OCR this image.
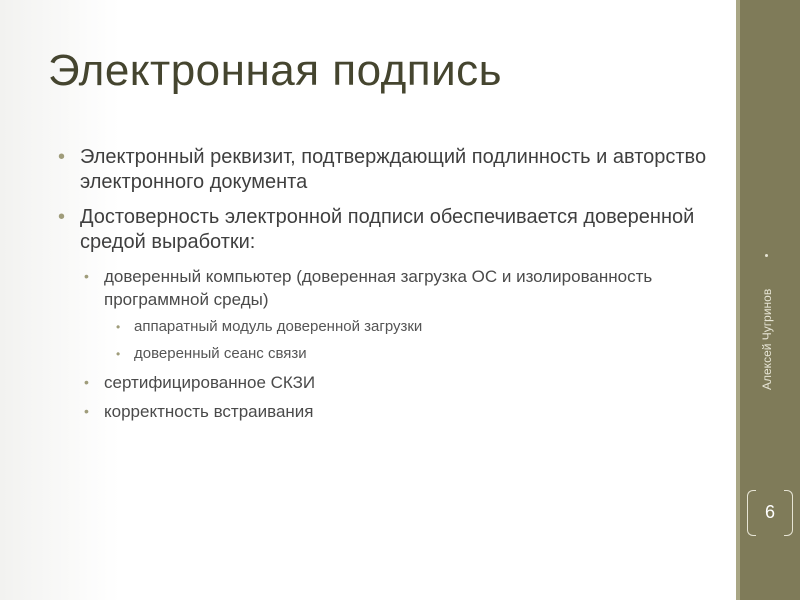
Электронная подпись
• Электронный реквизит, подтверждающий подлинность и авторство электронного документа
• Достоверность электронной подписи обеспечивается доверенной средой выработки:
• доверенный компьютер (доверенная загрузка ОС и изолированность программной среды)
• аппаратный модуль доверенной загрузки
• доверенный сеанс связи
• сертифицированное СКЗИ
• корректность встраивания
Алексей Чугринов
6
